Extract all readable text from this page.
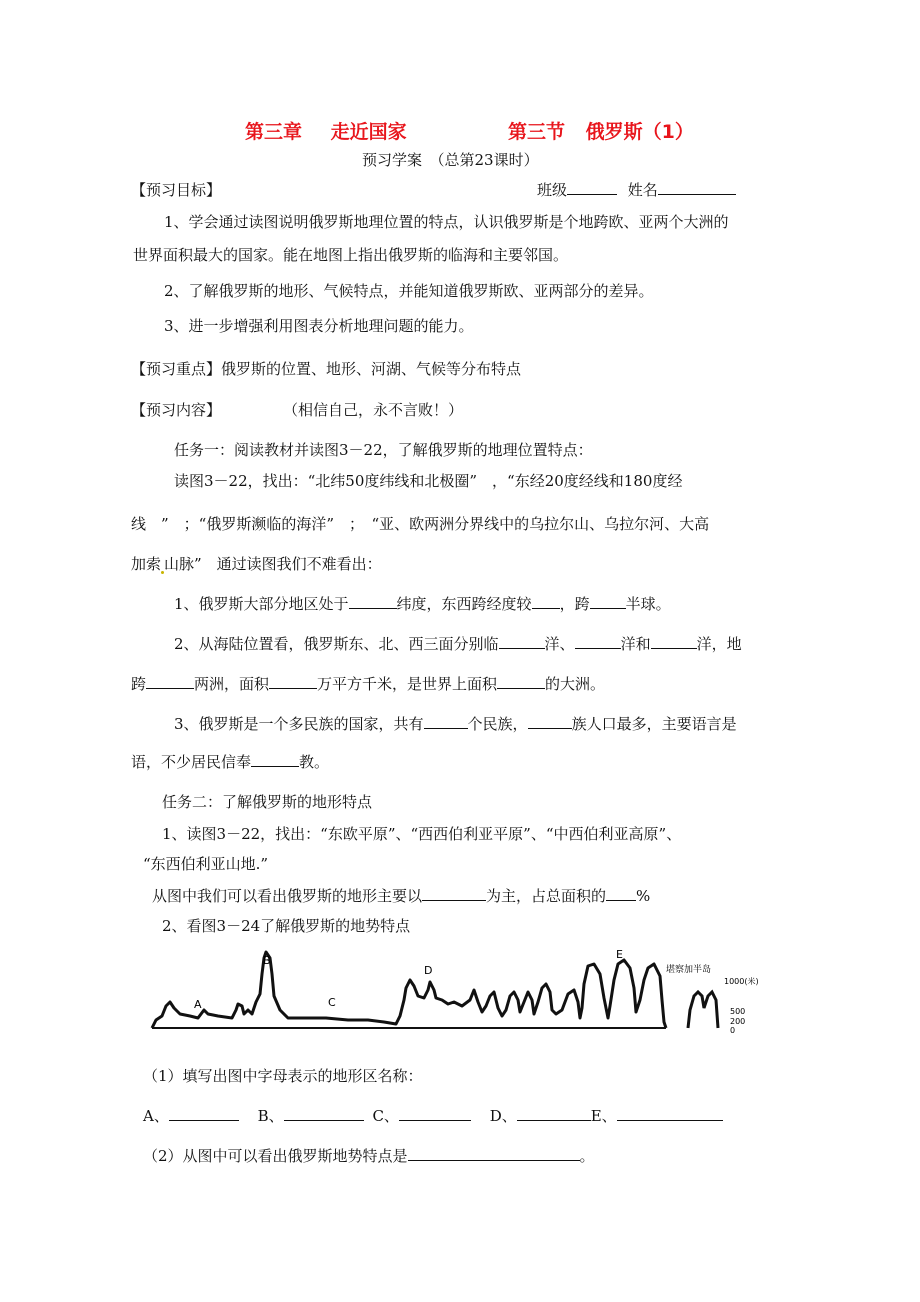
第三章 走近国家	第三节 俄罗斯（1）
预习学案　（总第23课时）
【预习目标】	班级	姓名
1、学会通过读图说明俄罗斯地理位置的特点，认识俄罗斯是个地跨欧、亚两个大洲的
世界面积最大的国家。能在地图上指出俄罗斯的临海和主要邻国。
2、了解俄罗斯的地形、气候特点，并能知道俄罗斯欧、亚两部分的差异。
3、进一步增强利用图表分析地理问题的能力。
【预习重点】俄罗斯的位置、地形、河湖、气候等分布特点
【预习内容】	（相信自己，永不言败！）
任务一：阅读教材并读图3－22，了解俄罗斯的地理位置特点：
读图3－22，找出：“北纬50度纬线和北极圈”　，“东经20度经线和180度经
线　”　；“俄罗斯濒临的海洋”　；　“亚、欧两洲分界线中的乌拉尔山、乌拉尔河、大高
加索 山脉”　通过读图我们不难看出：
1、俄罗斯大部分地区处于	纬度，东西跨经度较 ，跨 半球。
2、从海陆位置看，俄罗斯东、北、西三面分别临	洋、	洋和	洋，地
跨	两洲，面积	万平方千米，是世界上面积	的大洲。
3、俄罗斯是一个多民族的国家，共有	个民族，	族人口最多，主要语言是
语，不少居民信奉	教。
任务二：了解俄罗斯的地形特点
1、读图3－22，找出：“东欧平原”、“西西伯利亚平原”、“中西伯利亚高原”、
“东西伯利亚山地.”
从图中我们可以看出俄罗斯的地形主要以	为主，占总面积的 %
2、看图3－24了解俄罗斯的地势特点
A
B
C
D
E
堪察加半岛
1000(米)
500
200
0
（1）填写出图中字母表示的地形区名称：
A、	B、	C、	D、	E、
（2）从图中可以看出俄罗斯地势特点是	。
